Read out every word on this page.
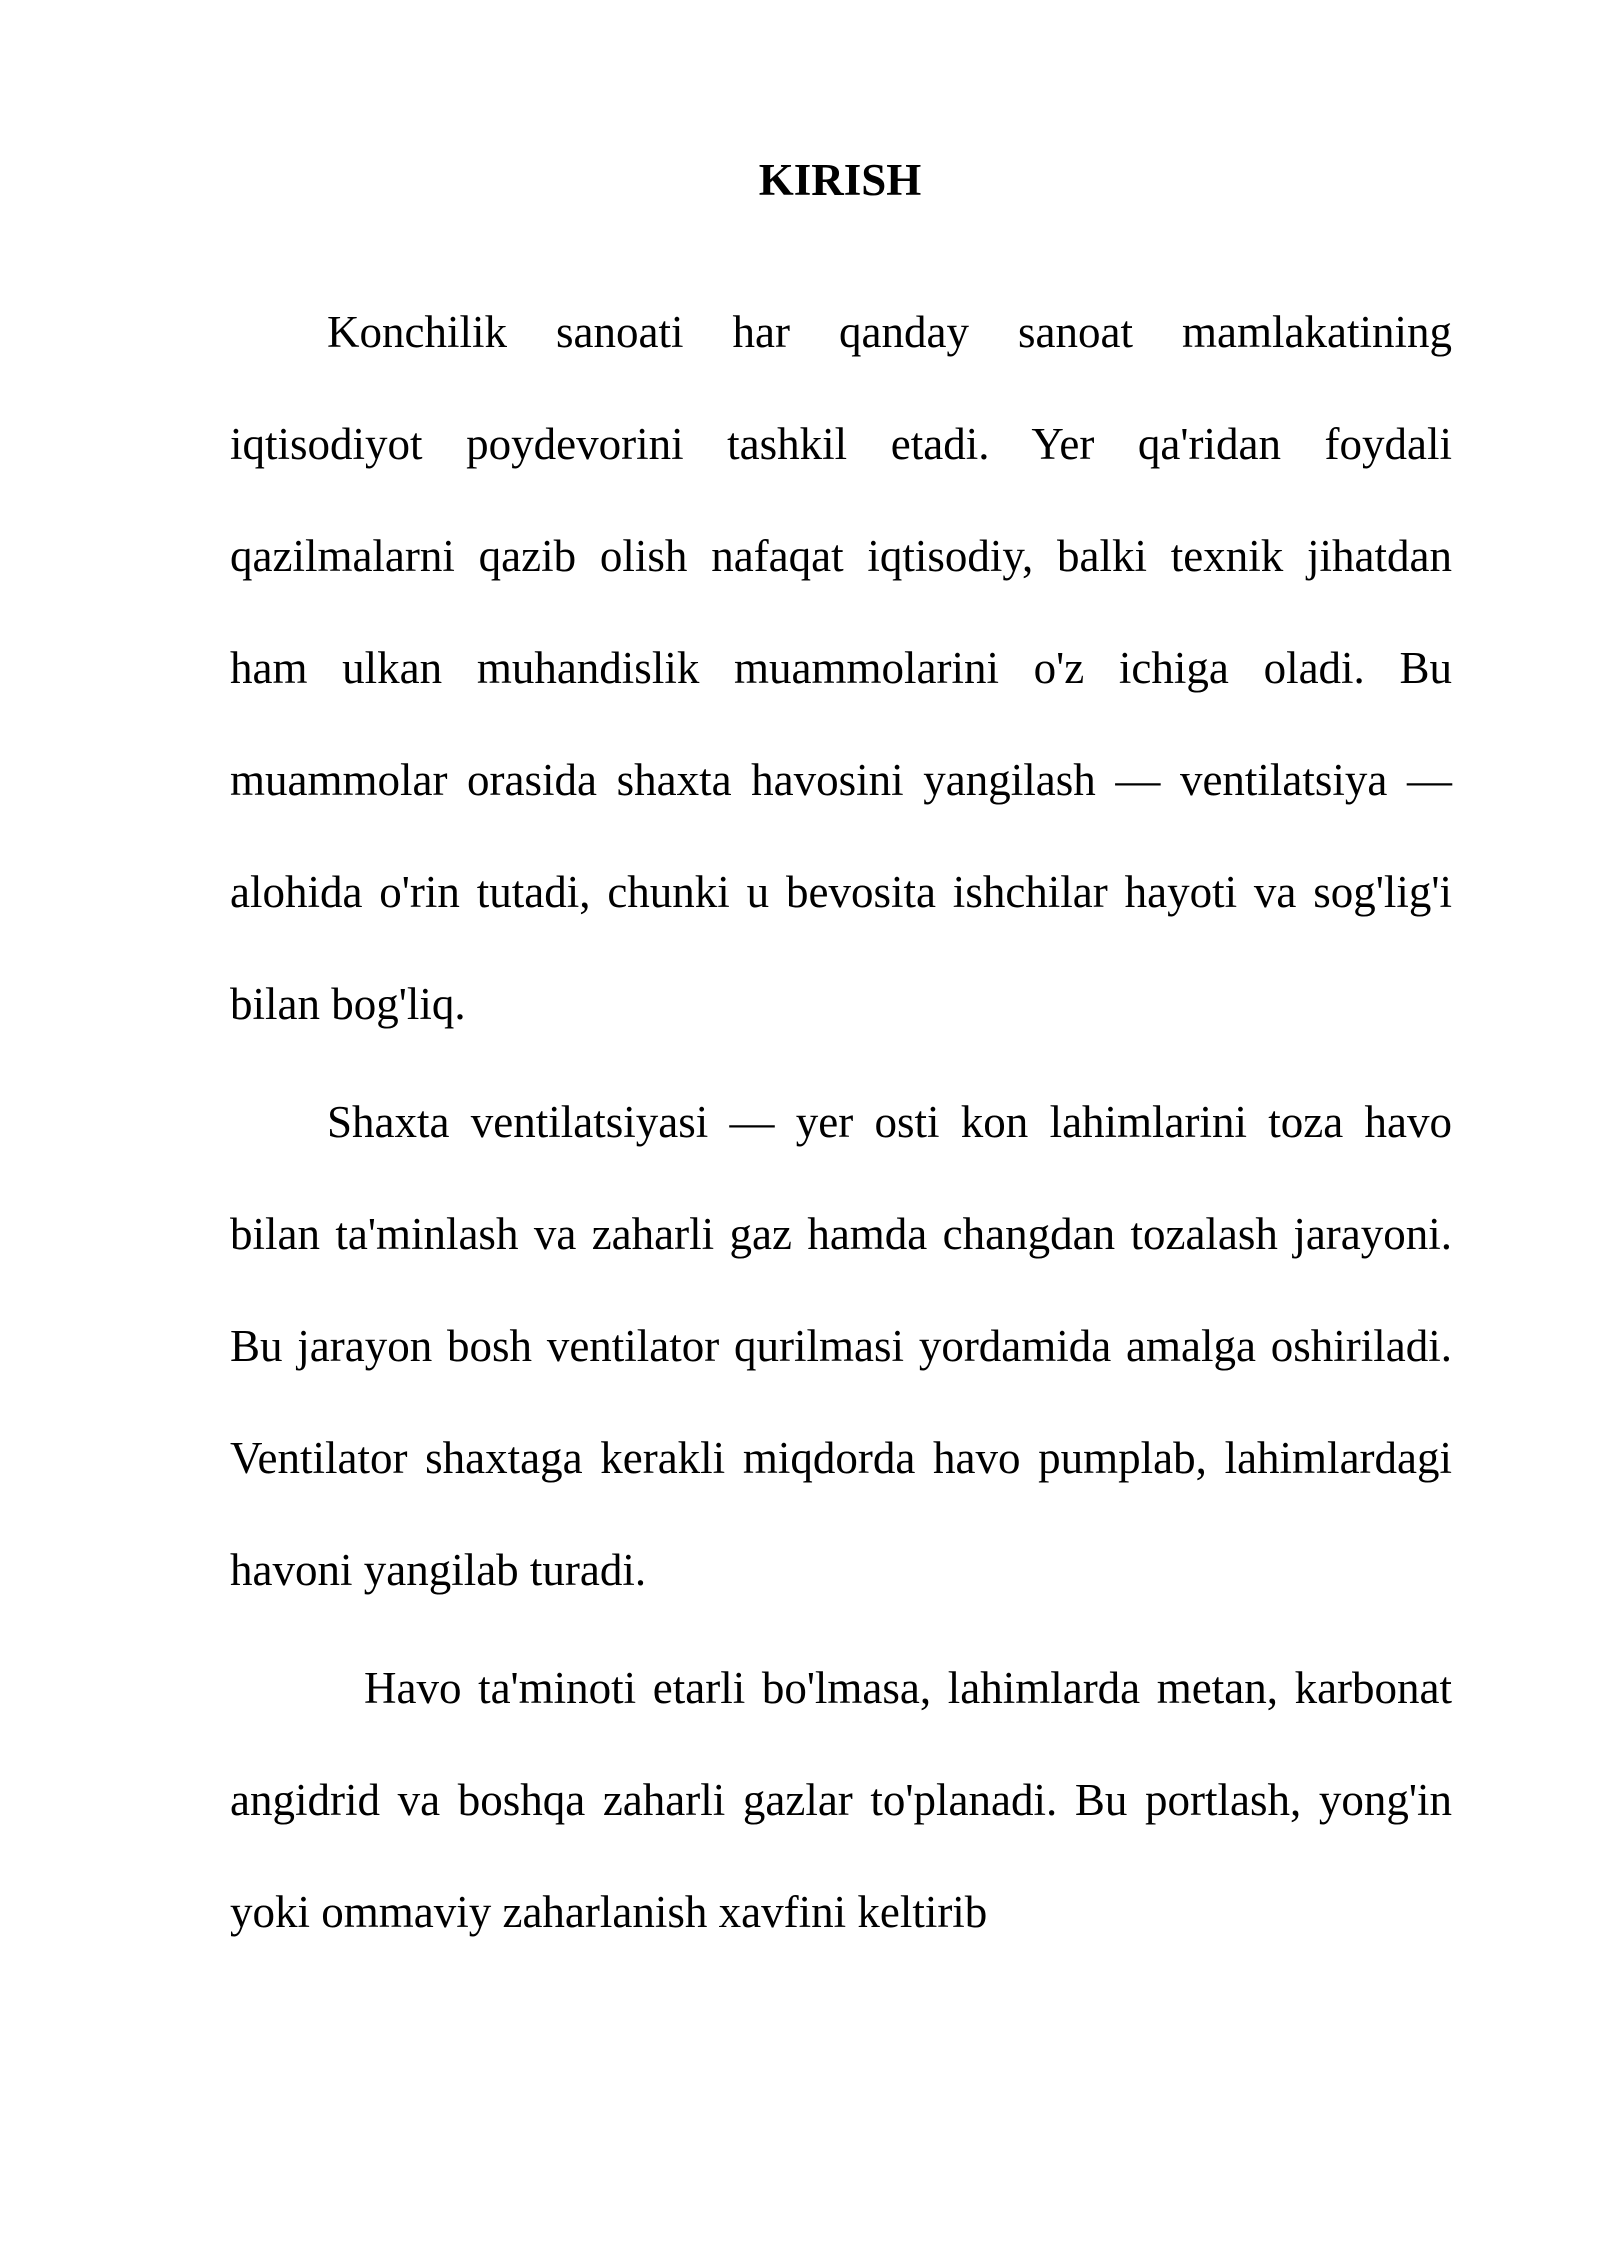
KIRISH

Konchilik sanoati har qanday sanoat mamlakatining iqtisodiyot poydevorini tashkil etadi. Yer qa'ridan foydali qazilmalarni qazib olish nafaqat iqtisodiy, balki texnik jihatdan ham ulkan muhandislik muammolarini o'z ichiga oladi. Bu muammolar orasida shaxta havosini yangilash — ventilatsiya — alohida o'rin tutadi, chunki u bevosita ishchilar hayoti va sog'lig'i bilan bog'liq.

Shaxta ventilatsiyasi — yer osti kon lahimlarini toza havo bilan ta'minlash va zaharli gaz hamda changdan tozalash jarayoni. Bu jarayon bosh ventilator qurilmasi yordamida amalga oshiriladi. Ventilator shaxtaga kerakli miqdorda havo pumplab, lahimlardagi havoni yangilab turadi.

Havo ta'minoti etarli bo'lmasa, lahimlarda metan, karbonat angidrid va boshqa zaharli gazlar to'planadi. Bu portlash, yong'in yoki ommaviy zaharlanish xavfini keltirib
